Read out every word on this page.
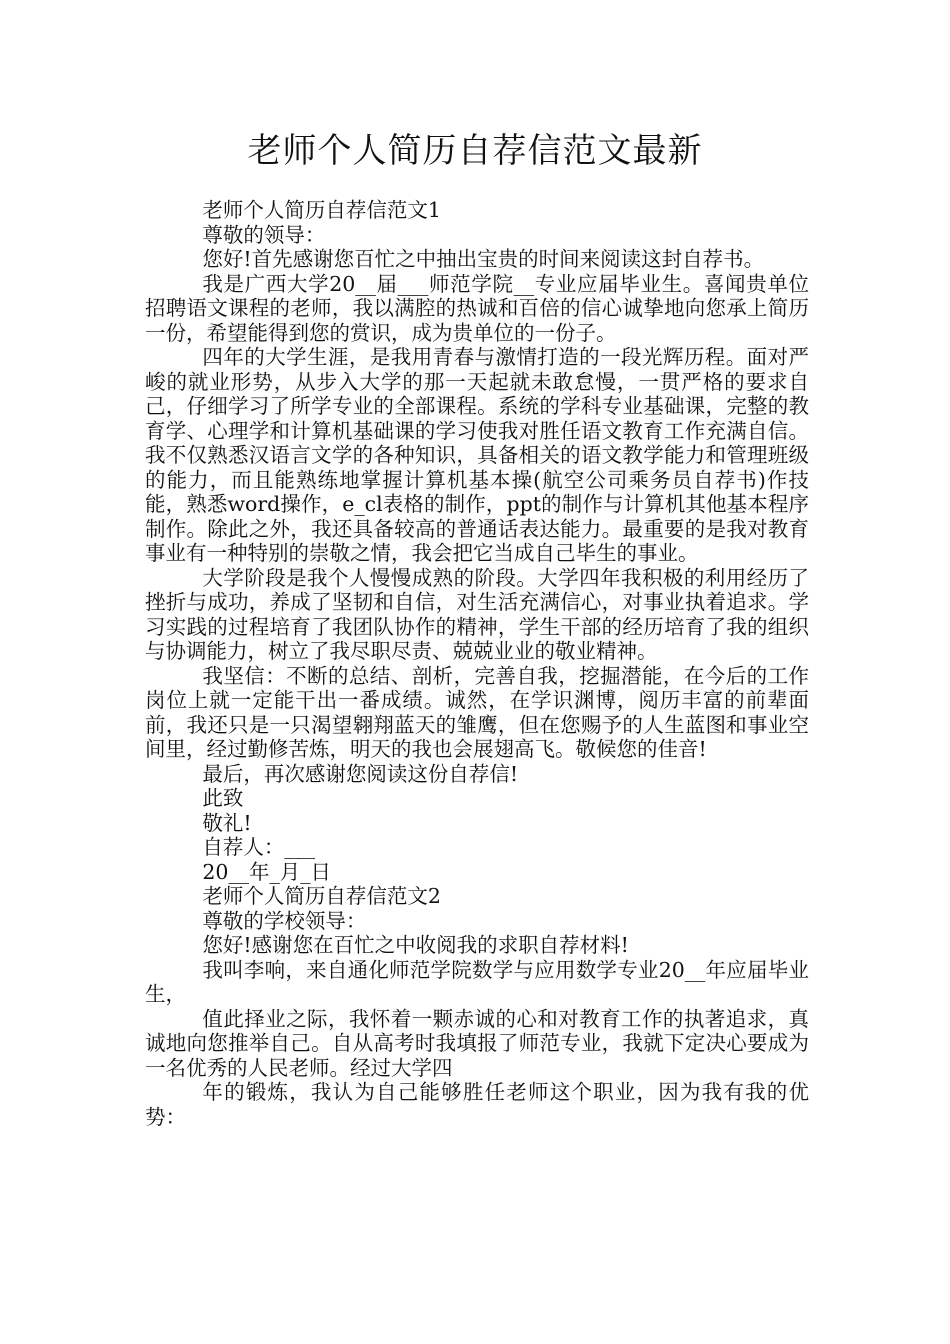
老师个人简历自荐信范文最新

老师个人简历自荐信范文1

尊敬的领导：

您好!首先感谢您百忙之中抽出宝贵的时间来阅读这封自荐书。

我是广西大学20__届___师范学院__专业应届毕业生。喜闻贵单位招聘语文课程的老师，我以满腔的热诚和百倍的信心诚挚地向您承上简历一份，希望能得到您的赏识，成为贵单位的一份子。

四年的大学生涯，是我用青春与激情打造的一段光辉历程。面对严峻的就业形势，从步入大学的那一天起就未敢怠慢，一贯严格的要求自己，仔细学习了所学专业的全部课程。系统的学科专业基础课，完整的教育学、心理学和计算机基础课的学习使我对胜任语文教育工作充满自信。我不仅熟悉汉语言文学的各种知识，具备相关的语文教学能力和管理班级的能力，而且能熟练地掌握计算机基本操(航空公司乘务员自荐书)作技能，熟悉word操作，e_cl表格的制作，ppt的制作与计算机其他基本程序制作。除此之外，我还具备较高的普通话表达能力。最重要的是我对教育事业有一种特别的崇敬之情，我会把它当成自己毕生的事业。

大学阶段是我个人慢慢成熟的阶段。大学四年我积极的利用经历了挫折与成功，养成了坚韧和自信，对生活充满信心，对事业执着追求。学习实践的过程培育了我团队协作的精神，学生干部的经历培育了我的组织与协调能力，树立了我尽职尽责、兢兢业业的敬业精神。

我坚信：不断的总结、剖析，完善自我，挖掘潜能，在今后的工作岗位上就一定能干出一番成绩。诚然，在学识渊博，阅历丰富的前辈面前，我还只是一只渴望翱翔蓝天的雏鹰，但在您赐予的人生蓝图和事业空间里，经过勤修苦炼，明天的我也会展翅高飞。敬候您的佳音!

最后，再次感谢您阅读这份自荐信!

此致

敬礼!

自荐人：___

20__年_月_日

老师个人简历自荐信范文2

尊敬的学校领导：

您好!感谢您在百忙之中收阅我的求职自荐材料!

我叫李响，来自通化师范学院数学与应用数学专业20__年应届毕业生，

值此择业之际，我怀着一颗赤诚的心和对教育工作的执著追求，真诚地向您推举自己。自从高考时我填报了师范专业，我就下定决心要成为一名优秀的人民老师。经过大学四

年的锻炼，我认为自己能够胜任老师这个职业，因为我有我的优势：
